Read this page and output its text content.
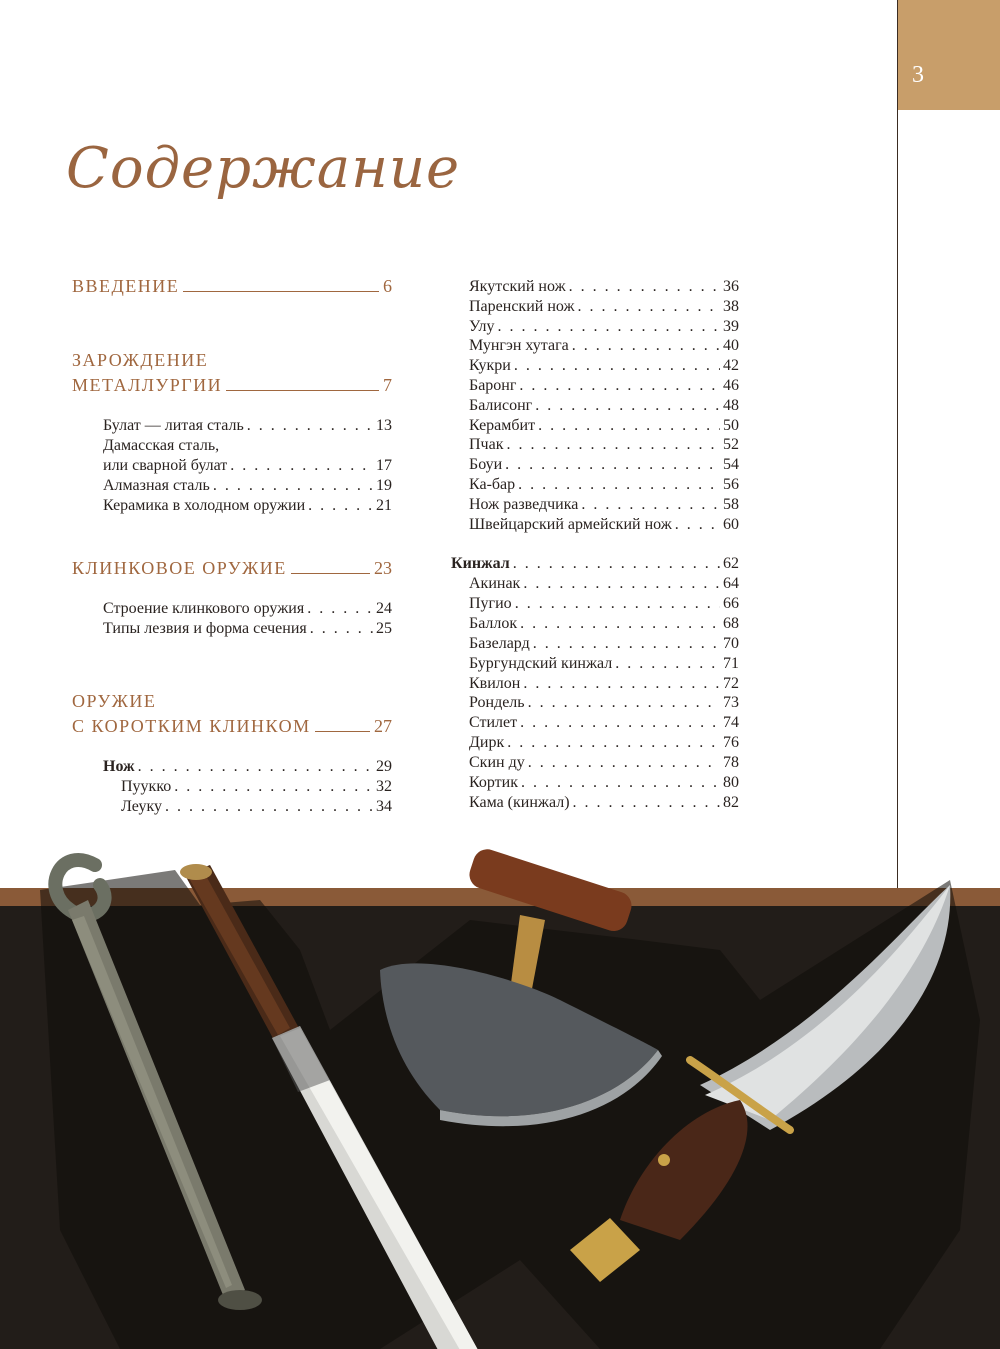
3
Содержание
ВВЕДЕНИЕ	6
ЗАРОЖДЕНИЕ
МЕТАЛЛУРГИИ	7
Булат — литая сталь . . .	13
Дамасская сталь,
или сварной булат . . .	17
Алмазная сталь . . .	19
Керамика в холодном оружии . . .	21
КЛИНКОВОЕ ОРУЖИЕ	23
Строение клинкового оружия . . .	24
Типы лезвия и форма сечения . . .	25
ОРУЖИЕ
С КОРОТКИМ КЛИНКОМ	27
Нож . . .	29
Пуукко . . .	32
Леуку . . .	34
Якутский нож . . .	36
Паренский нож . . .	38
Улу . . .	39
Мунгэн хутага . . .	40
Кукри . . .	42
Баронг . . .	46
Балисонг . . .	48
Керамбит . . .	50
Пчак . . .	52
Боуи . . .	54
Ка-бар . . .	56
Нож разведчика . . .	58
Швейцарский армейский нож . . .	60
Кинжал . . .	62
Акинак . . .	64
Пугио . . .	66
Баллок . . .	68
Базелард . . .	70
Бургундский кинжал . . .	71
Квилон . . .	72
Рондель . . .	73
Стилет . . .	74
Дирк . . .	76
Скин ду . . .	78
Кортик . . .	80
Кама (кинжал) . . .	82
